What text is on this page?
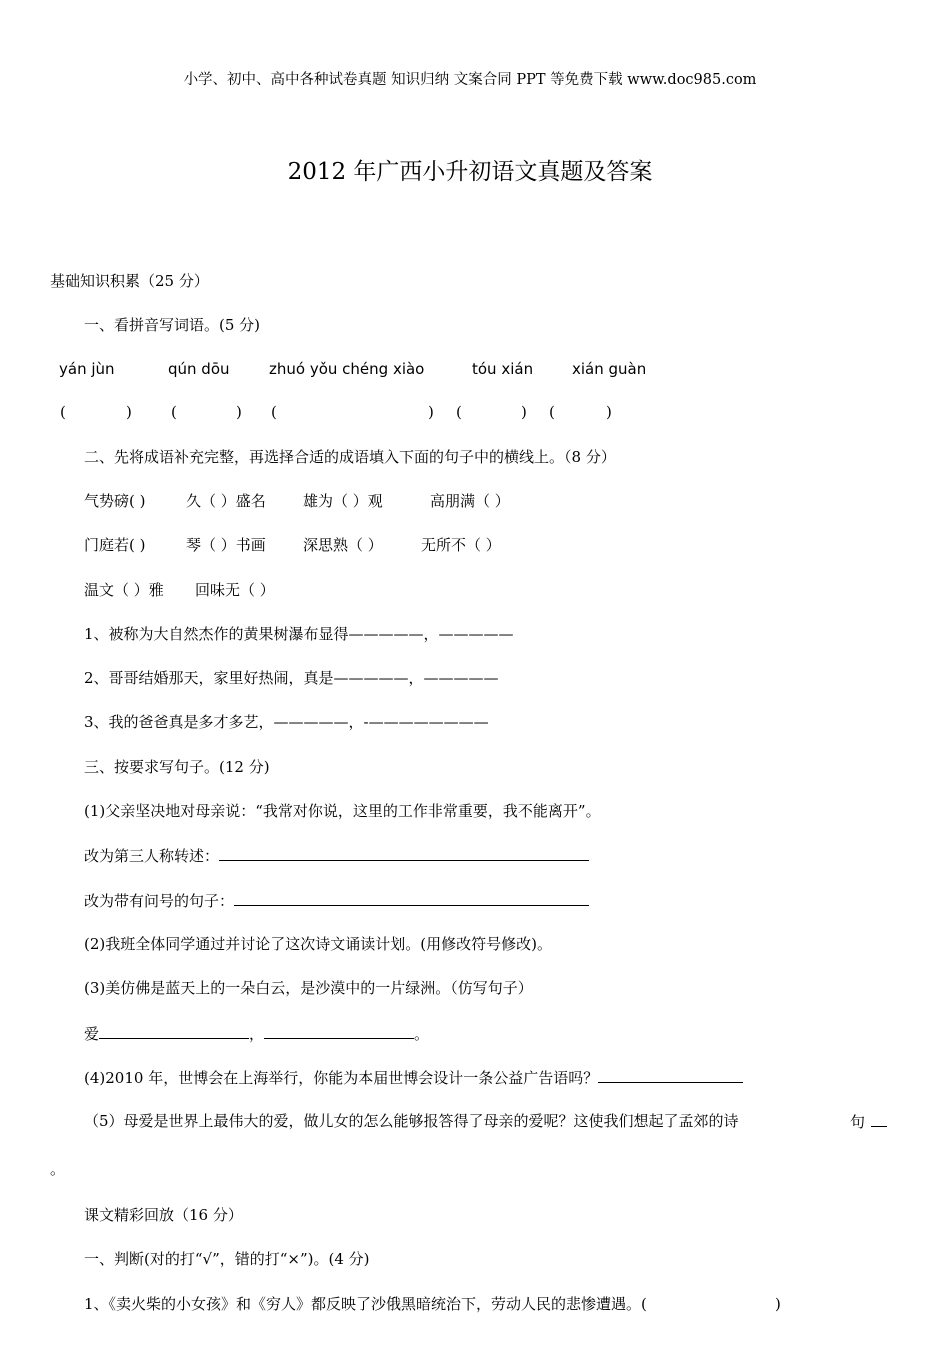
小学、初中、高中各种试卷真题 知识归纳 文案合同 PPT 等免费下载 www.doc985.com
2012 年广西小升初语文真题及答案
基础知识积累（25 分）
一、看拼音写词语。(5 分)
yán jùn	qún dōu	zhuó yǒu chéng xiào	tóu xián	xián guàn
(	)	(	) (	) (	) (	)
二、先将成语补充完整，再选择合适的成语填入下面的句子中的横线上。（8 分）
气势磅( )	久（ ）盛名 雄为（ ）观	高朋满（ ）
门庭若( )	琴（ ）书画 深思熟（ ）	无所不（ ）
温文（ ）雅 回味无（ ）
1、被称为大自然杰作的黄果树瀑布显得—————，—————
2、哥哥结婚那天，家里好热闹，真是—————，—————
3、我的爸爸真是多才多艺，—————，-————————
三、按要求写句子。(12 分)
(1)父亲坚决地对母亲说：“我常对你说，这里的工作非常重要，我不能离开”。
改为第三人称转述：
改为带有问号的句子：
(2)我班全体同学通过并讨论了这次诗文诵读计划。(用修改符号修改)。
(3)美仿佛是蓝天上的一朵白云，是沙漠中的一片绿洲。（仿写句子）
爱	，	。
(4)2010 年，世博会在上海举行，你能为本届世博会设计一条公益广告语吗？
（5）母爱是世界上最伟大的爱，做儿女的怎么能够报答得了母亲的爱呢？这使我们想起了孟郊的诗	句
。
课文精彩回放（16 分）
一、判断(对的打“√”，错的打“×”)。(4 分)
1、《卖火柴的小女孩》和《穷人》都反映了沙俄黑暗统治下，劳动人民的悲惨遭遇。(	)
